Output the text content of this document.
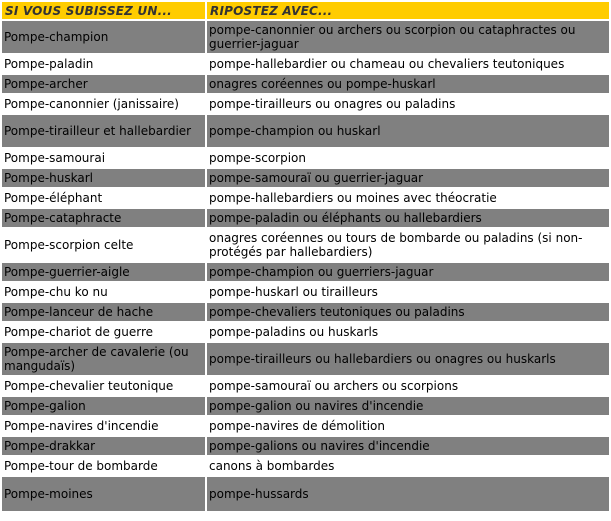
SI VOUS SUBISSEZ UN...	RIPOSTEZ AVEC...
Pompe-champion	pompe-canonnier ou archers ou scorpion ou cataphractes ou guerrier-jaguar
Pompe-paladin	pompe-hallebardier ou chameau ou chevaliers teutoniques
Pompe-archer	onagres coréennes ou pompe-huskarl
Pompe-canonnier (janissaire)	pompe-tirailleurs ou onagres ou paladins
Pompe-tirailleur et hallebardier	pompe-champion ou huskarl
Pompe-samourai	pompe-scorpion
Pompe-huskarl	pompe-samouraï ou guerrier-jaguar
Pompe-éléphant	pompe-hallebardiers ou moines avec théocratie
Pompe-cataphracte	pompe-paladin ou éléphants ou hallebardiers
Pompe-scorpion celte	onagres coréennes ou tours de bombarde ou paladins (si non-protégés par hallebardiers)
Pompe-guerrier-aigle	pompe-champion ou guerriers-jaguar
Pompe-chu ko nu	pompe-huskarl ou tirailleurs
Pompe-lanceur de hache	pompe-chevaliers teutoniques ou paladins
Pompe-chariot de guerre	pompe-paladins ou huskarls
Pompe-archer de cavalerie (ou mangudaïs)	pompe-tirailleurs ou hallebardiers ou onagres ou huskarls
Pompe-chevalier teutonique	pompe-samouraï ou archers ou scorpions
Pompe-galion	pompe-galion ou navires d'incendie
Pompe-navires d'incendie	pompe-navires de démolition
Pompe-drakkar	pompe-galions ou navires d'incendie
Pompe-tour de bombarde	canons à bombardes
Pompe-moines	pompe-hussards
